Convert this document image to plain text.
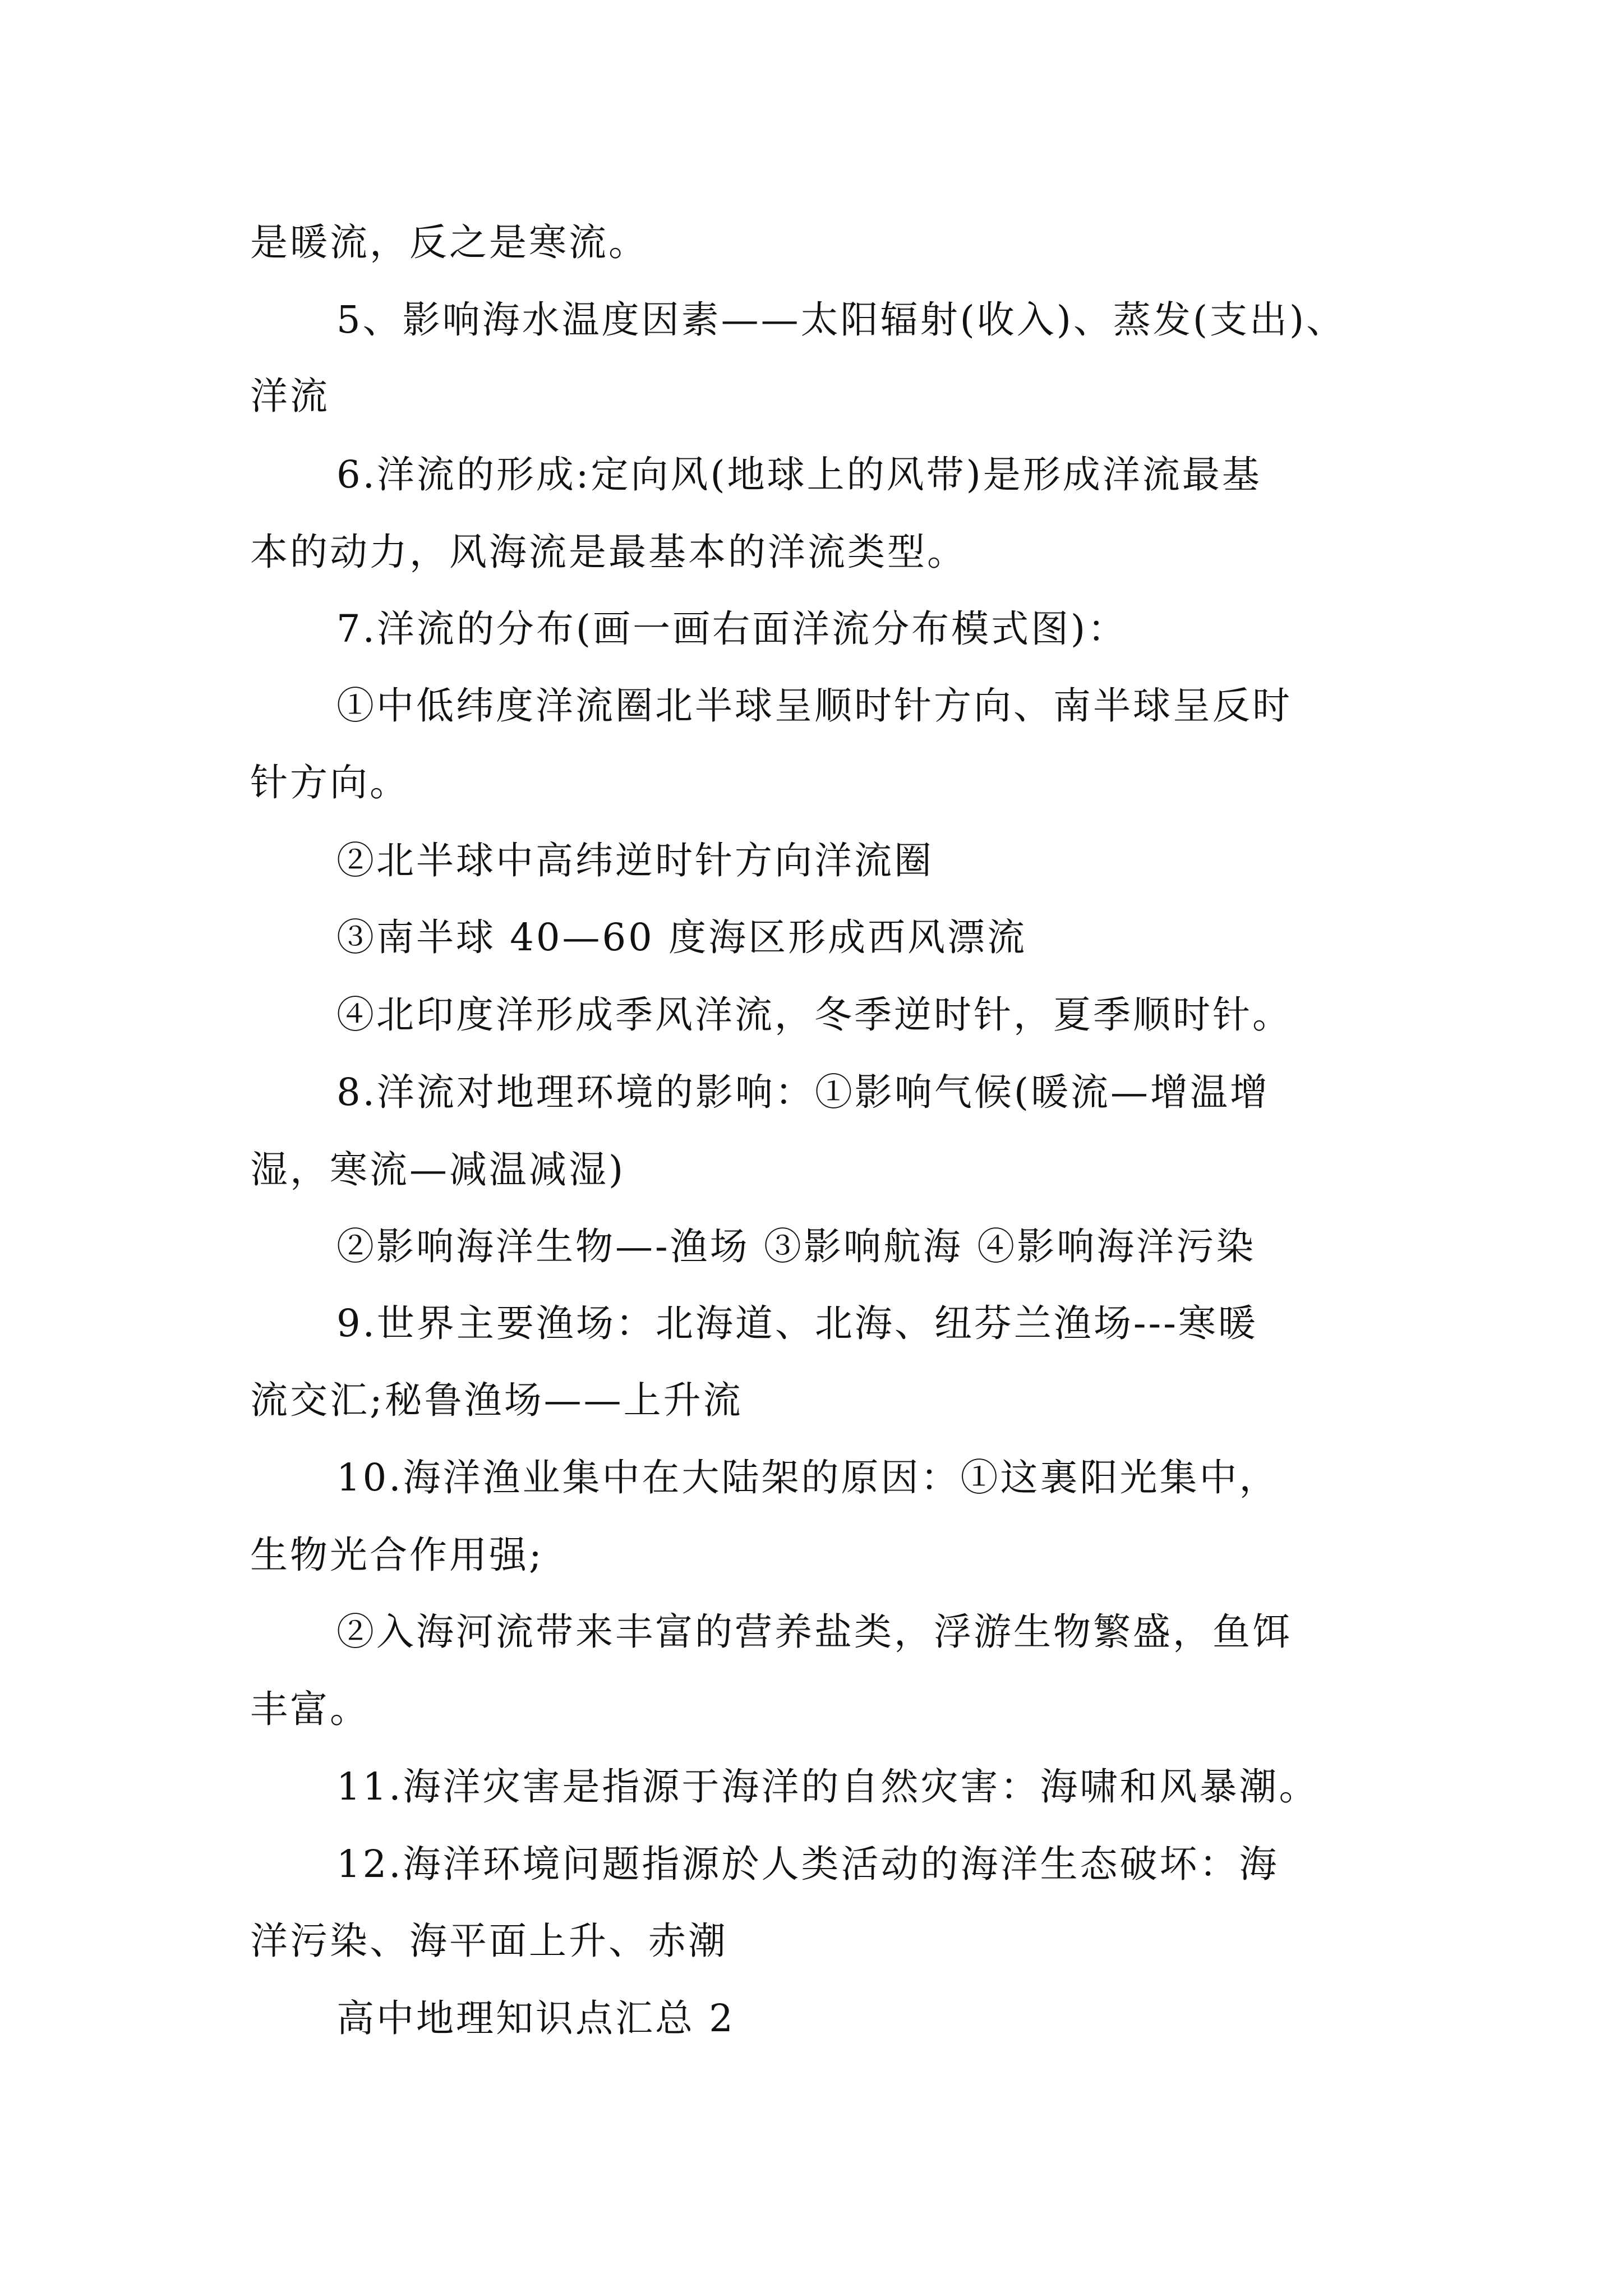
是暖流，反之是寒流。
5、影响海水温度因素——太阳辐射(收入)、蒸发(支出)、
洋流
6.洋流的形成:定向风(地球上的风带)是形成洋流最基
本的动力，风海流是最基本的洋流类型。
7.洋流的分布(画一画右面洋流分布模式图)：
①中低纬度洋流圈北半球呈顺时针方向、南半球呈反时
针方向。
②北半球中高纬逆时针方向洋流圈
③南半球 40—60 度海区形成西风漂流
④北印度洋形成季风洋流，冬季逆时针，夏季顺时针。
8.洋流对地理环境的影响：①影响气候(暖流—增温增
湿，寒流—减温减湿)
②影响海洋生物—-渔场 ③影响航海 ④影响海洋污染
9.世界主要渔场：北海道、北海、纽芬兰渔场---寒暖
流交汇;秘鲁渔场——上升流
10.海洋渔业集中在大陆架的原因：①这裏阳光集中，
生物光合作用强;
②入海河流带来丰富的营养盐类，浮游生物繁盛，鱼饵
丰富。
11.海洋灾害是指源于海洋的自然灾害：海啸和风暴潮。
12.海洋环境问题指源於人类活动的海洋生态破坏：海
洋污染、海平面上升、赤潮
高中地理知识点汇总 2
